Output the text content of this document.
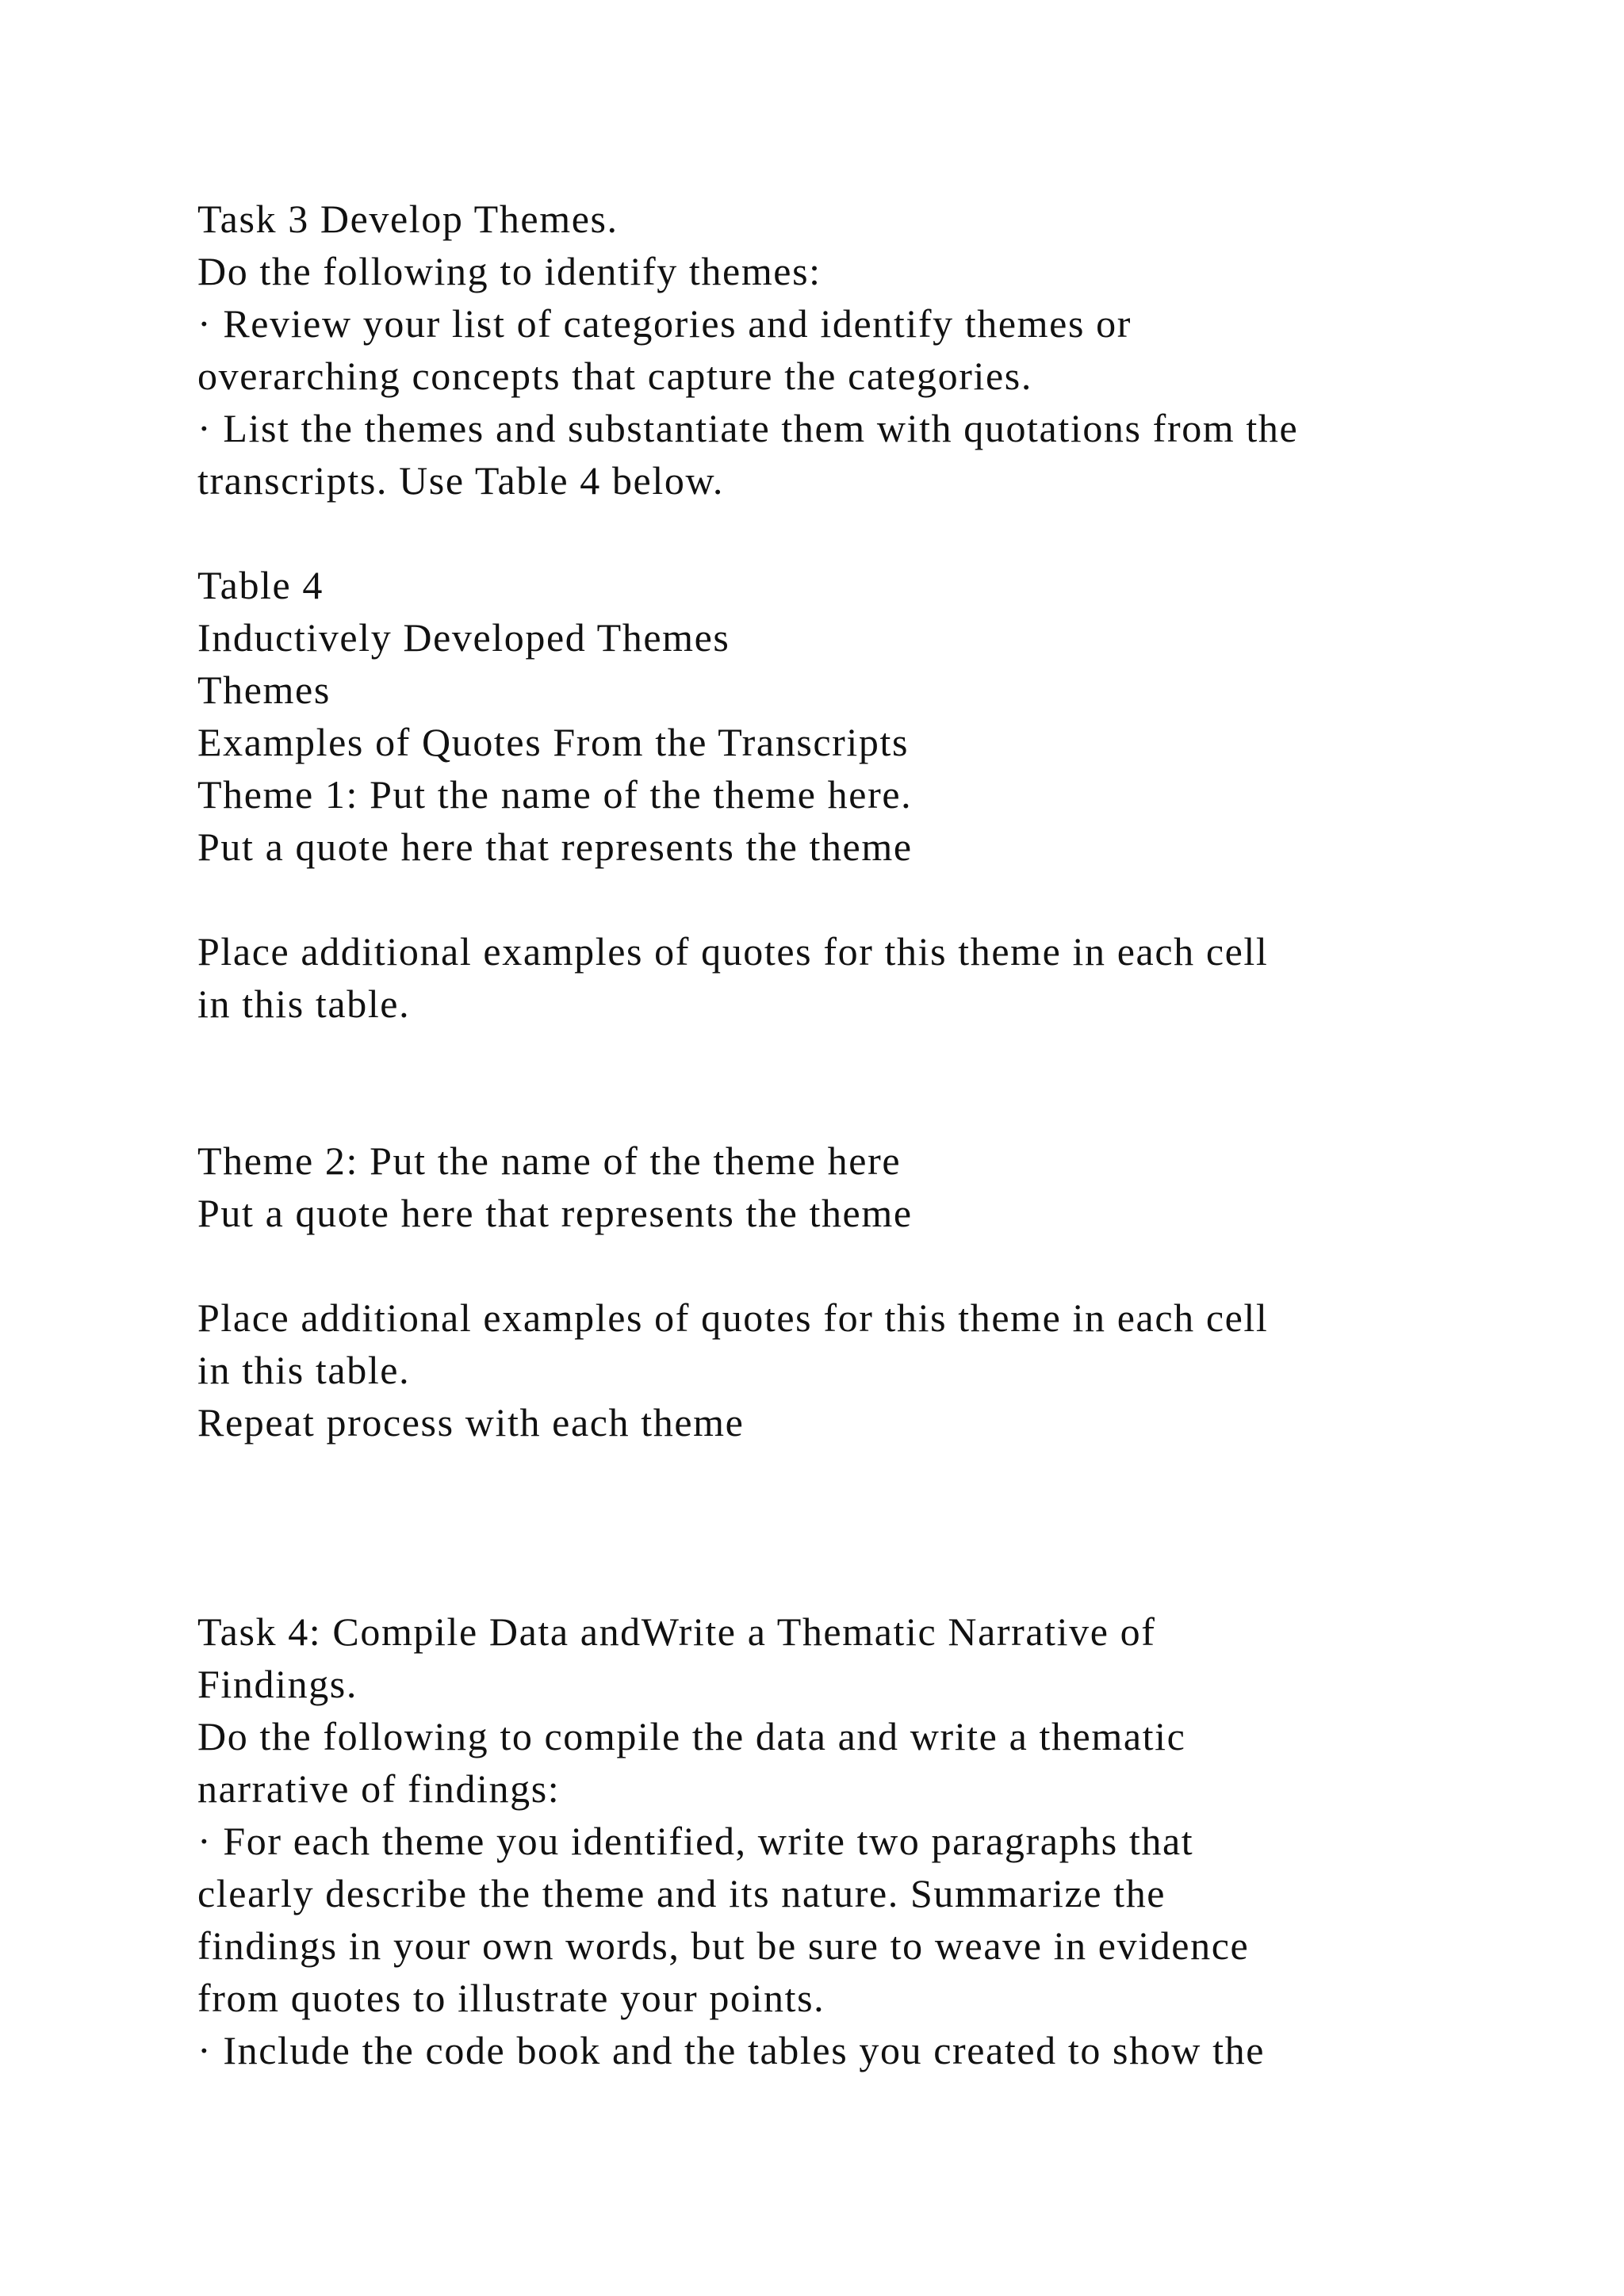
Task 3 Develop Themes.
Do the following to identify themes:
· Review your list of categories and identify themes or
overarching concepts that capture the categories.
· List the themes and substantiate them with quotations from the
transcripts. Use Table 4 below.
Table 4
Inductively Developed Themes
Themes
Examples of Quotes From the Transcripts
Theme 1: Put the name of the theme here.
Put a quote here that represents the theme
Place additional examples of quotes for this theme in each cell
in this table.
Theme 2: Put the name of the theme here
Put a quote here that represents the theme
Place additional examples of quotes for this theme in each cell
in this table.
Repeat process with each theme
Task 4: Compile Data andWrite a Thematic Narrative of
Findings.
Do the following to compile the data and write a thematic
narrative of findings:
· For each theme you identified, write two paragraphs that
clearly describe the theme and its nature. Summarize the
findings in your own words, but be sure to weave in evidence
from quotes to illustrate your points.
· Include the code book and the tables you created to show the
